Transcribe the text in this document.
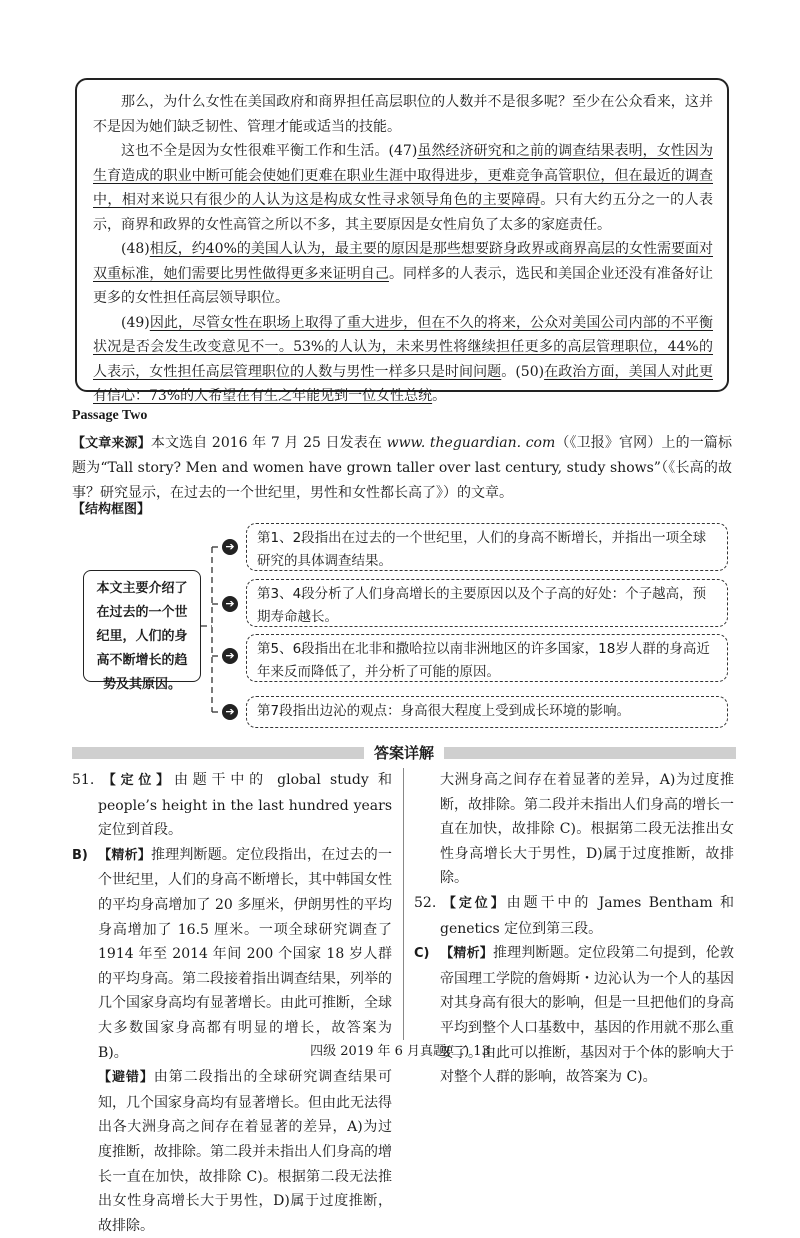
那么，为什么女性在美国政府和商界担任高层职位的人数并不是很多呢？至少在公众看来，这并不是因为她们缺乏韧性、管理才能或适当的技能。

这也不全是因为女性很难平衡工作和生活。(47)虽然经济研究和之前的调查结果表明，女性因为生育造成的职业中断可能会使她们更难在职业生涯中取得进步，更难竞争高管职位，但在最近的调查中，相对来说只有很少的人认为这是构成女性寻求领导角色的主要障碍。只有大约五分之一的人表示，商界和政界的女性高管之所以不多，其主要原因是女性肩负了太多的家庭责任。

(48)相反，约40%的美国人认为，最主要的原因是那些想要跻身政界或商界高层的女性需要面对双重标准，她们需要比男性做得更多来证明自己。同样多的人表示，选民和美国企业还没有准备好让更多的女性担任高层领导职位。

(49)因此，尽管女性在职场上取得了重大进步，但在不久的将来，公众对美国公司内部的不平衡状况是否会发生改变意见不一。53%的人认为，未来男性将继续担任更多的高层管理职位，44%的人表示，女性担任高层管理职位的人数与男性一样多只是时间问题。(50)在政治方面，美国人对此更有信心：73%的人希望在有生之年能见到一位女性总统。

Passage Two
【文章来源】本文选自 2016 年 7 月 25 日发表在 www. theguardian. com（《卫报》官网）上的一篇标题为“Tall story? Men and women have grown taller over last century, study shows”（《长高的故事？研究显示，在过去的一个世纪里，男性和女性都长高了》）的文章。
【结构框图】
本文主要介绍了在过去的一个世纪里，人们的身高不断增长的趋势及其原因。
➔
第1、2段指出在过去的一个世纪里，人们的身高不断增长，并指出一项全球研究的具体调查结果。
➔
第3、4段分析了人们身高增长的主要原因以及个子高的好处：个子越高，预期寿命越长。
➔	第5、6段指出在北非和撒哈拉以南非洲地区的许多国家，18岁人群的身高近年来反而降低了，并分析了可能的原因。
➔	第7段指出边沁的观点：身高很大程度上受到成长环境的影响。
答案详解

51. 【定位】由题干中的 global study 和 people’s height in the last hundred years 定位到首段。

B) 【精析】推理判断题。定位段指出，在过去的一个世纪里，人们的身高不断增长，其中韩国女性的平均身高增加了 20 多厘米，伊朗男性的平均身高增加了 16.5 厘米。一项全球研究调查了 1914 年至 2014 年间 200 个国家 18 岁人群的平均身高。第二段接着指出调查结果，列举的几个国家身高均有显著增长。由此可推断，全球大多数国家身高都有明显的增长，故答案为 B)。

【避错】由第二段指出的全球研究调查结果可知，几个国家身高均有显著增长。但由此无法得出各大洲身高之间存在着显著的差异，A)为过度推断，故排除。第二段并未指出人们身高的增长一直在加快，故排除 C)。根据第二段无法推出女性身高增长大于男性，D)属于过度推断，故排除。

大洲身高之间存在着显著的差异，A)为过度推断，故排除。第二段并未指出人们身高的增长一直在加快，故排除 C)。根据第二段无法推出女性身高增长大于男性，D)属于过度推断，故排除。

52. 【定位】由题干中的 James Bentham 和 genetics 定位到第三段。

C) 【精析】推理判断题。定位段第二句提到，伦敦帝国理工学院的詹姆斯・边沁认为一个人的基因对其身高有很大的影响，但是一旦把他们的身高平均到整个人口基数中，基因的作用就不那么重要了。由此可以推断，基因对于个体的影响大于对整个人群的影响，故答案为 C)。

四级 2019 年 6 月真题(二) 13
